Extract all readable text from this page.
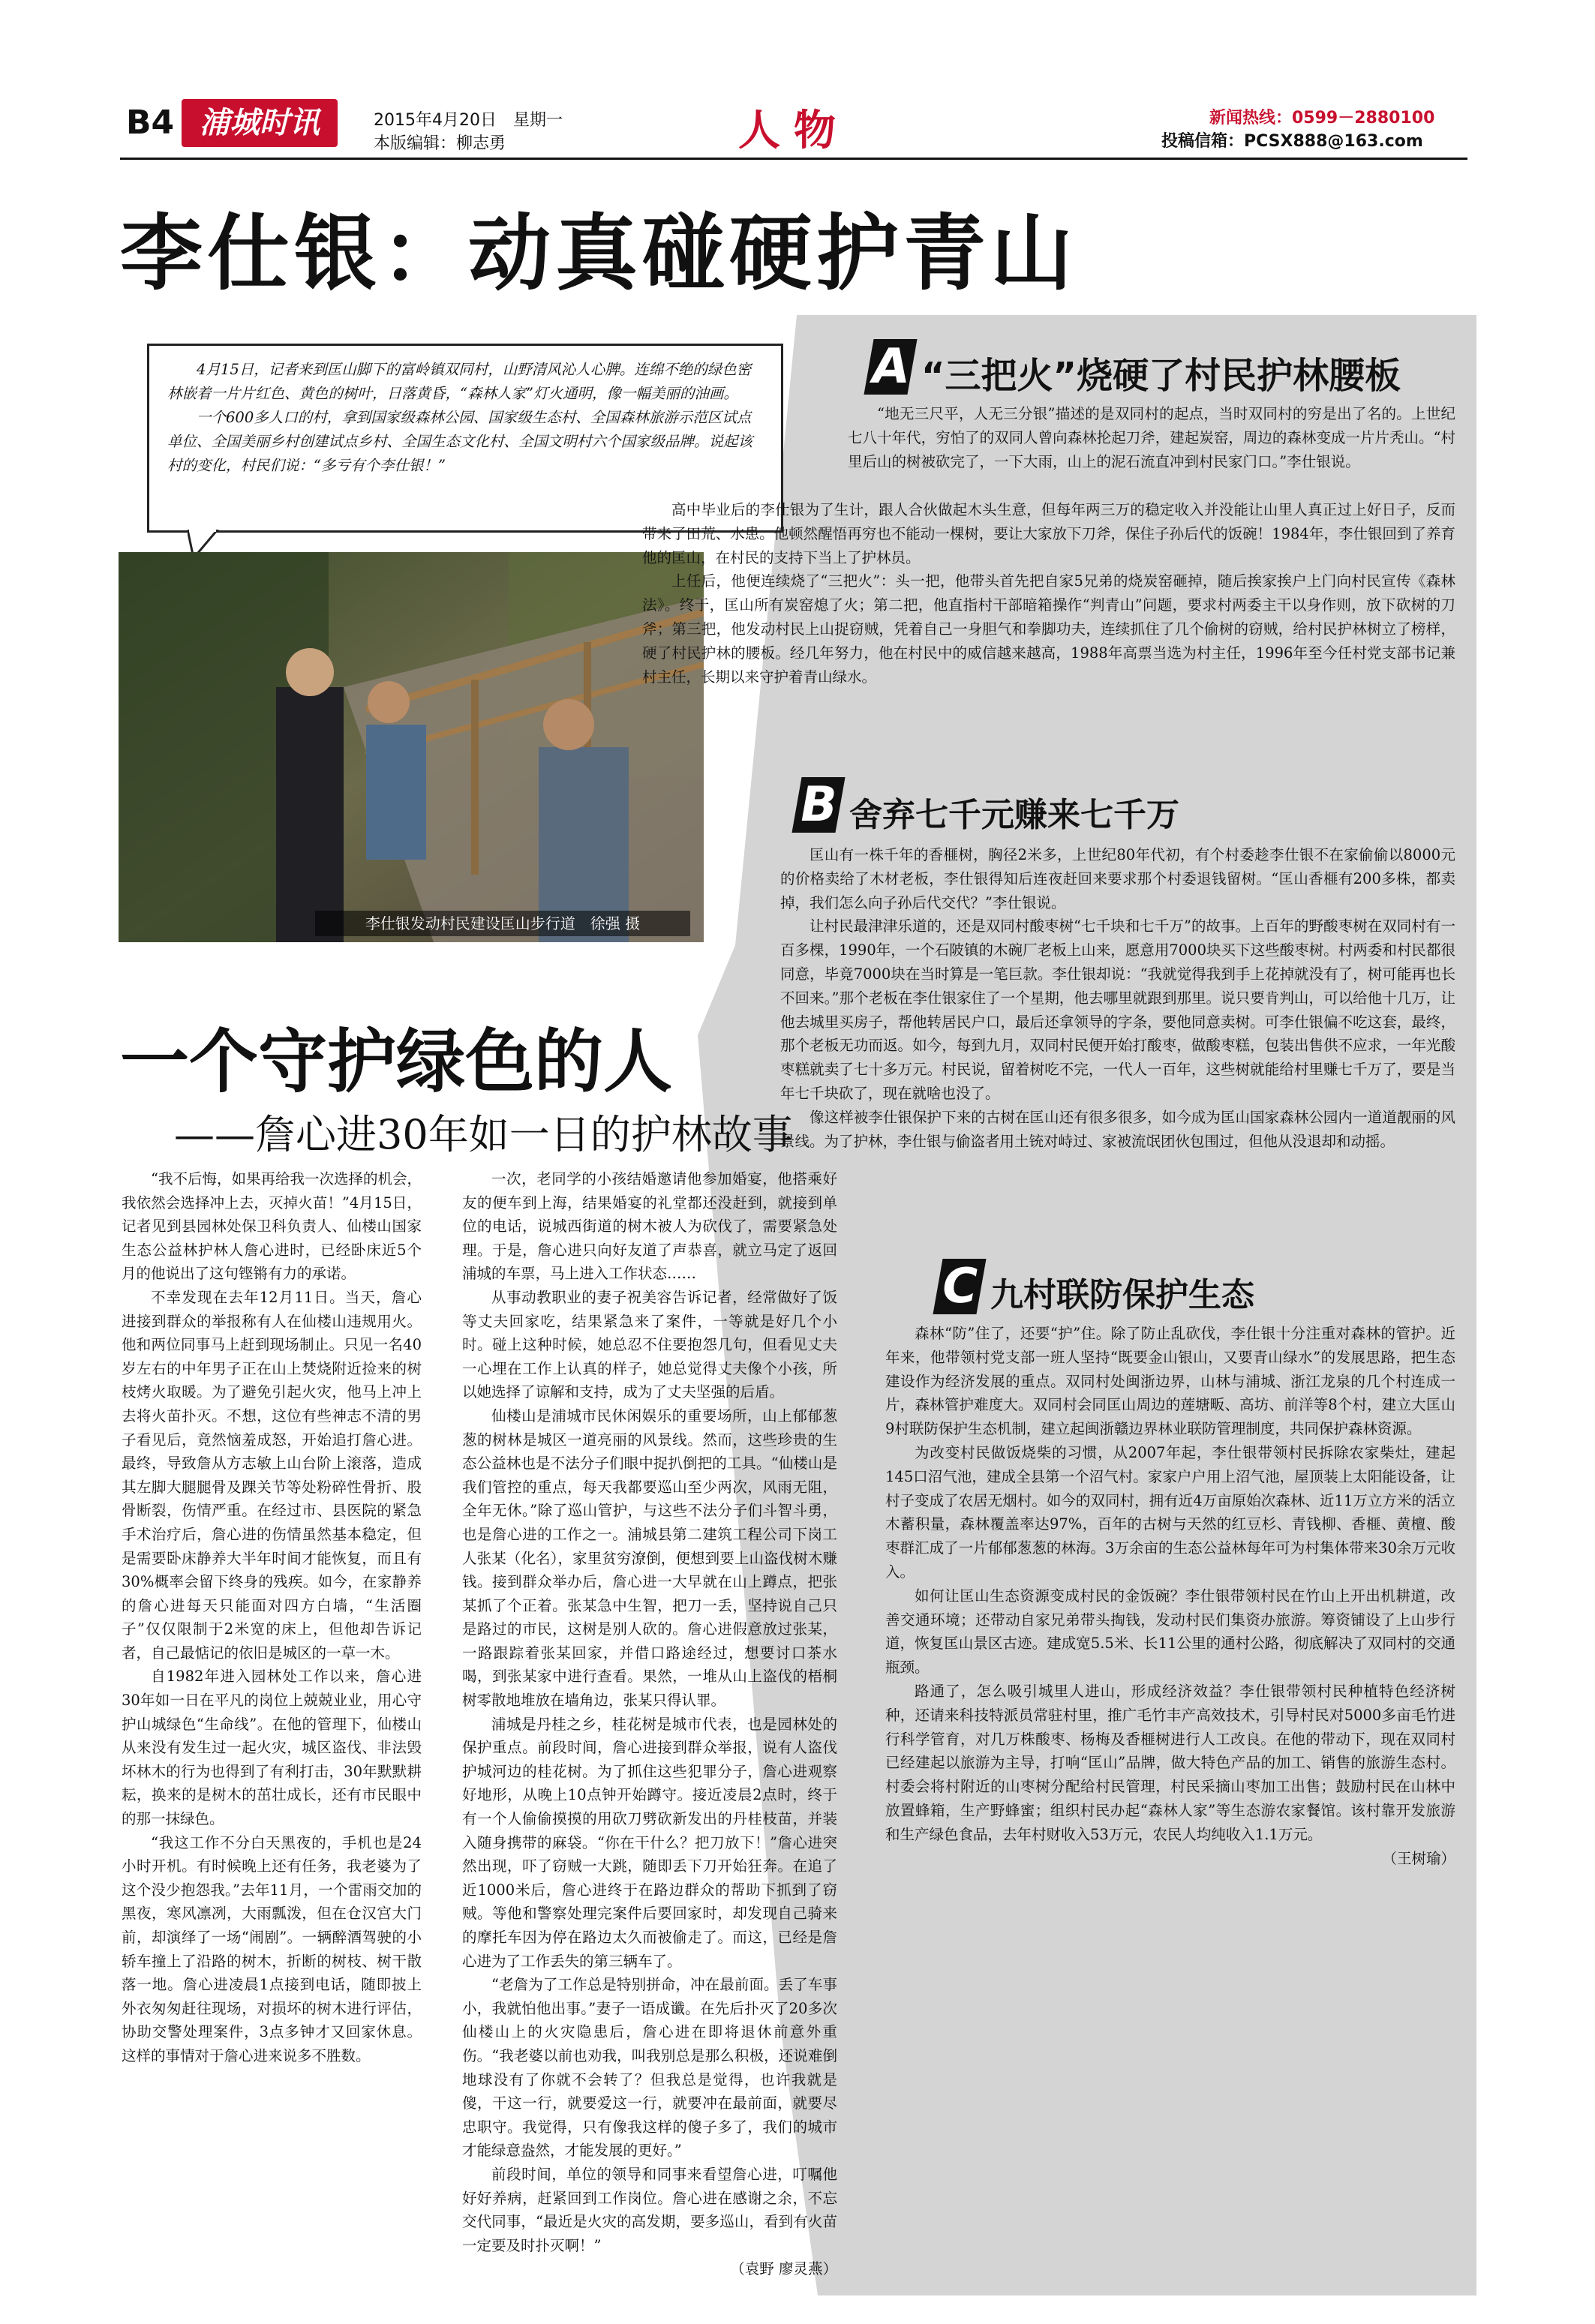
B4 浦城时讯	2015年4月20日　星期一
本版编辑：柳志勇	人物	新闻热线：0599－2880100
投稿信箱：PCSX888@163.com
李仕银：动真碰硬护青山

4月15日，记者来到匡山脚下的富岭镇双同村，山野清风沁人心脾。连绵不绝的绿色密林嵌着一片片红色、黄色的树叶，日落黄昏，“森林人家”灯火通明，像一幅美丽的油画。

一个600多人口的村，拿到国家级森林公园、国家级生态村、全国森林旅游示范区试点单位、全国美丽乡村创建试点乡村、全国生态文化村、全国文明村六个国家级品牌。说起该村的变化，村民们说：“多亏有个李仕银！”

李仕银发动村民建设匡山步行道　徐强 摄
A “三把火”烧硬了村民护林腰板

“地无三尺平，人无三分银”描述的是双同村的起点，当时双同村的穷是出了名的。上世纪七八十年代，穷怕了的双同人曾向森林抡起刀斧，建起炭窑，周边的森林变成一片片秃山。“村里后山的树被砍完了，一下大雨，山上的泥石流直冲到村民家门口。”李仕银说。

高中毕业后的李仕银为了生计，跟人合伙做起木头生意，但每年两三万的稳定收入并没能让山里人真正过上好日子，反而带来了田荒、水患。他顿然醒悟再穷也不能动一棵树，要让大家放下刀斧，保住子孙后代的饭碗！1984年，李仕银回到了养育他的匡山，在村民的支持下当上了护林员。

上任后，他便连续烧了“三把火”：头一把，他带头首先把自家5兄弟的烧炭窑砸掉，随后挨家挨户上门向村民宣传《森林法》。终于，匡山所有炭窑熄了火；第二把，他直指村干部暗箱操作“判青山”问题，要求村两委主干以身作则，放下砍树的刀斧；第三把，他发动村民上山捉窃贼，凭着自己一身胆气和拳脚功夫，连续抓住了几个偷树的窃贼，给村民护林树立了榜样，硬了村民护林的腰板。经几年努力，他在村民中的威信越来越高，1988年高票当选为村主任，1996年至今任村党支部书记兼村主任，长期以来守护着青山绿水。

B 舍弃七千元赚来七千万

匡山有一株千年的香榧树，胸径2米多，上世纪80年代初，有个村委趁李仕银不在家偷偷以8000元的价格卖给了木材老板，李仕银得知后连夜赶回来要求那个村委退钱留树。“匡山香榧有200多株，都卖掉，我们怎么向子孙后代交代？”李仕银说。

让村民最津津乐道的，还是双同村酸枣树“七千块和七千万”的故事。上百年的野酸枣树在双同村有一百多棵，1990年，一个石陂镇的木碗厂老板上山来，愿意用7000块买下这些酸枣树。村两委和村民都很同意，毕竟7000块在当时算是一笔巨款。李仕银却说：“我就觉得我到手上花掉就没有了，树可能再也长不回来。”那个老板在李仕银家住了一个星期，他去哪里就跟到那里。说只要肯判山，可以给他十几万，让他去城里买房子，帮他转居民户口，最后还拿领导的字条，要他同意卖树。可李仕银偏不吃这套，最终，那个老板无功而返。如今，每到九月，双同村民便开始打酸枣，做酸枣糕，包装出售供不应求，一年光酸枣糕就卖了七十多万元。村民说，留着树吃不完，一代人一百年，这些树就能给村里赚七千万了，要是当年七千块砍了，现在就啥也没了。

像这样被李仕银保护下来的古树在匡山还有很多很多，如今成为匡山国家森林公园内一道道靓丽的风景线。为了护林，李仕银与偷盗者用土铳对峙过、家被流氓团伙包围过，但他从没退却和动摇。

C 九村联防保护生态

森林“防”住了，还要“护”住。除了防止乱砍伐，李仕银十分注重对森林的管护。近年来，他带领村党支部一班人坚持“既要金山银山，又要青山绿水”的发展思路，把生态建设作为经济发展的重点。双同村处闽浙边界，山林与浦城、浙江龙泉的几个村连成一片，森林管护难度大。双同村会同匡山周边的莲塘畈、高坊、前洋等8个村，建立大匡山9村联防保护生态机制，建立起闽浙赣边界林业联防管理制度，共同保护森林资源。

为改变村民做饭烧柴的习惯，从2007年起，李仕银带领村民拆除农家柴灶，建起145口沼气池，建成全县第一个沼气村。家家户户用上沼气池，屋顶装上太阳能设备，让村子变成了农居无烟村。如今的双同村，拥有近4万亩原始次森林、近11万立方米的活立木蓄积量，森林覆盖率达97%，百年的古树与天然的红豆杉、青钱柳、香榧、黄檀、酸枣群汇成了一片郁郁葱葱的林海。3万余亩的生态公益林每年可为村集体带来30余万元收入。

如何让匡山生态资源变成村民的金饭碗？李仕银带领村民在竹山上开出机耕道，改善交通环境；还带动自家兄弟带头掏钱，发动村民们集资办旅游。筹资铺设了上山步行道，恢复匡山景区古迹。建成宽5.5米、长11公里的通村公路，彻底解决了双同村的交通瓶颈。

路通了，怎么吸引城里人进山，形成经济效益？李仕银带领村民种植特色经济树种，还请来科技特派员常驻村里，推广毛竹丰产高效技术，引导村民对5000多亩毛竹进行科学管育，对几万株酸枣、杨梅及香榧树进行人工改良。在他的带动下，现在双同村已经建起以旅游为主导，打响“匡山”品牌，做大特色产品的加工、销售的旅游生态村。村委会将村附近的山枣树分配给村民管理，村民采摘山枣加工出售；鼓励村民在山林中放置蜂箱，生产野蜂蜜；组织村民办起“森林人家”等生态游农家餐馆。该村靠开发旅游和生产绿色食品，去年村财收入53万元，农民人均纯收入1.1万元。

（王树瑜）
一个守护绿色的人
——詹心进30年如一日的护林故事

“我不后悔，如果再给我一次选择的机会，我依然会选择冲上去，灭掉火苗！”4月15日，记者见到县园林处保卫科负责人、仙楼山国家生态公益林护林人詹心进时，已经卧床近5个月的他说出了这句铿锵有力的承诺。

不幸发现在去年12月11日。当天，詹心进接到群众的举报称有人在仙楼山违规用火。他和两位同事马上赶到现场制止。只见一名40岁左右的中年男子正在山上焚烧附近捡来的树枝烤火取暖。为了避免引起火灾，他马上冲上去将火苗扑灭。不想，这位有些神志不清的男子看见后，竟然恼羞成怒，开始追打詹心进。最终，导致詹从方志敏上山台阶上滚落，造成其左脚大腿腿骨及踝关节等处粉碎性骨折、股骨断裂，伤情严重。在经过市、县医院的紧急手术治疗后，詹心进的伤情虽然基本稳定，但是需要卧床静养大半年时间才能恢复，而且有30%概率会留下终身的残疾。如今，在家静养的詹心进每天只能面对四方白墙，“生活圈子”仅仅限制于2米宽的床上，但他却告诉记者，自己最惦记的依旧是城区的一草一木。

自1982年进入园林处工作以来，詹心进30年如一日在平凡的岗位上兢兢业业，用心守护山城绿色“生命线”。在他的管理下，仙楼山从来没有发生过一起火灾，城区盗伐、非法毁坏林木的行为也得到了有利打击，30年默默耕耘，换来的是树木的茁壮成长，还有市民眼中的那一抹绿色。

“我这工作不分白天黑夜的，手机也是24小时开机。有时候晚上还有任务，我老婆为了这个没少抱怨我。”去年11月，一个雷雨交加的黑夜，寒风凛冽，大雨瓢泼，但在仓汉宫大门前，却演绎了一场“闹剧”。一辆醉酒驾驶的小轿车撞上了沿路的树木，折断的树枝、树干散落一地。詹心进凌晨1点接到电话，随即披上外衣匆匆赶往现场，对损坏的树木进行评估，协助交警处理案件，3点多钟才又回家休息。这样的事情对于詹心进来说多不胜数。

一次，老同学的小孩结婚邀请他参加婚宴，他搭乘好友的便车到上海，结果婚宴的礼堂都还没赶到，就接到单位的电话，说城西街道的树木被人为砍伐了，需要紧急处理。于是，詹心进只向好友道了声恭喜，就立马定了返回浦城的车票，马上进入工作状态……

从事动教职业的妻子祝美容告诉记者，经常做好了饭等丈夫回家吃，结果紧急来了案件，一等就是好几个小时。碰上这种时候，她总忍不住要抱怨几句，但看见丈夫一心埋在工作上认真的样子，她总觉得丈夫像个小孩，所以她选择了谅解和支持，成为了丈夫坚强的后盾。

仙楼山是浦城市民休闲娱乐的重要场所，山上郁郁葱葱的树林是城区一道亮丽的风景线。然而，这些珍贵的生态公益林也是不法分子们眼中捉扒倒把的工具。“仙楼山是我们管控的重点，每天我都要巡山至少两次，风雨无阻，全年无休。”除了巡山管护，与这些不法分子们斗智斗勇，也是詹心进的工作之一。浦城县第二建筑工程公司下岗工人张某（化名），家里贫穷潦倒，便想到要上山盗伐树木赚钱。接到群众举办后，詹心进一大早就在山上蹲点，把张某抓了个正着。张某急中生智，把刀一丢，坚持说自己只是路过的市民，这树是别人砍的。詹心进假意放过张某，一路跟踪着张某回家，并借口路途经过，想要讨口茶水喝，到张某家中进行查看。果然，一堆从山上盗伐的梧桐树零散地堆放在墙角边，张某只得认罪。

浦城是丹桂之乡，桂花树是城市代表，也是园林处的保护重点。前段时间，詹心进接到群众举报，说有人盗伐护城河边的桂花树。为了抓住这些犯罪分子，詹心进观察好地形，从晚上10点钟开始蹲守。接近凌晨2点时，终于有一个人偷偷摸摸的用砍刀劈砍新发出的丹桂枝苗，并装入随身携带的麻袋。“你在干什么？把刀放下！”詹心进突然出现，吓了窃贼一大跳，随即丢下刀开始狂奔。在追了近1000米后，詹心进终于在路边群众的帮助下抓到了窃贼。等他和警察处理完案件后要回家时，却发现自己骑来的摩托车因为停在路边太久而被偷走了。而这，已经是詹心进为了工作丢失的第三辆车了。

“老詹为了工作总是特别拼命，冲在最前面。丢了车事小，我就怕他出事。”妻子一语成谶。在先后扑灭了20多次仙楼山上的火灾隐患后，詹心进在即将退休前意外重伤。“我老婆以前也劝我，叫我别总是那么积极，还说难倒地球没有了你就不会转了？但我总是觉得，也许我就是傻，干这一行，就要爱这一行，就要冲在最前面，就要尽忠职守。我觉得，只有像我这样的傻子多了，我们的城市才能绿意盎然，才能发展的更好。”

前段时间，单位的领导和同事来看望詹心进，叮嘱他好好养病，赶紧回到工作岗位。詹心进在感谢之余，不忘交代同事，“最近是火灾的高发期，要多巡山，看到有火苗一定要及时扑灭啊！”

（袁野 廖灵燕）
